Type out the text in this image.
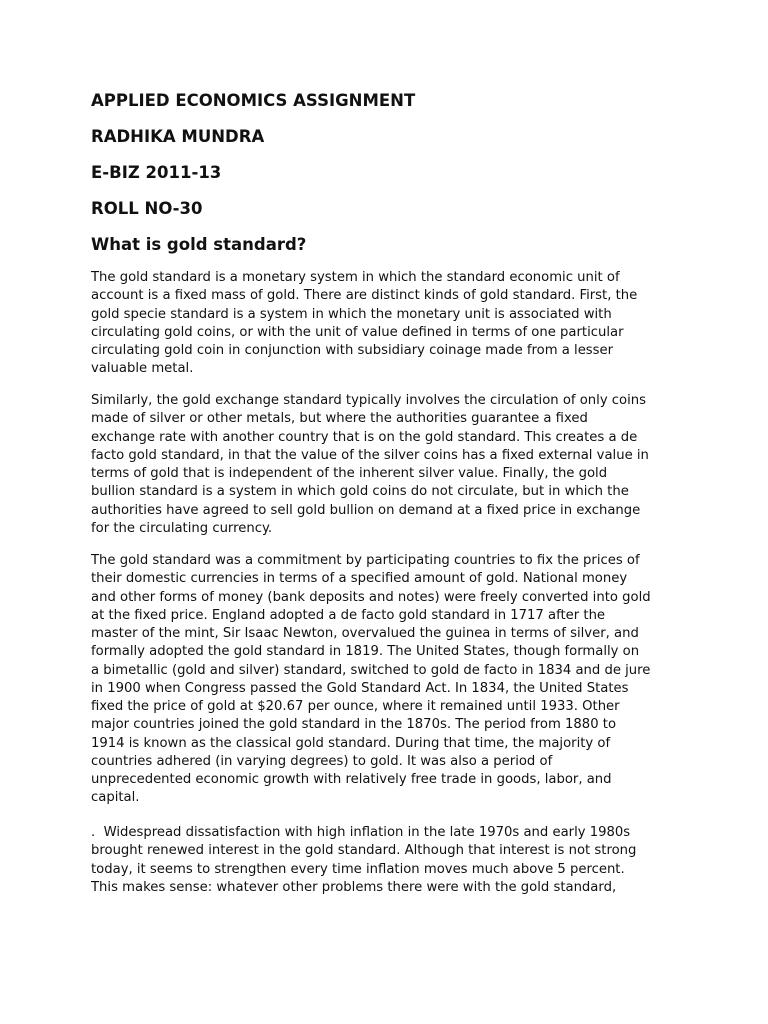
APPLIED ECONOMICS ASSIGNMENT
RADHIKA MUNDRA
E-BIZ 2011-13
ROLL NO-30
What is gold standard?
The gold standard is a monetary system in which the standard economic unit of
account is a fixed mass of gold. There are distinct kinds of gold standard. First, the
gold specie standard is a system in which the monetary unit is associated with
circulating gold coins, or with the unit of value defined in terms of one particular
circulating gold coin in conjunction with subsidiary coinage made from a lesser
valuable metal.
Similarly, the gold exchange standard typically involves the circulation of only coins
made of silver or other metals, but where the authorities guarantee a fixed
exchange rate with another country that is on the gold standard. This creates a de
facto gold standard, in that the value of the silver coins has a fixed external value in
terms of gold that is independent of the inherent silver value. Finally, the gold
bullion standard is a system in which gold coins do not circulate, but in which the
authorities have agreed to sell gold bullion on demand at a fixed price in exchange
for the circulating currency.
The gold standard was a commitment by participating countries to fix the prices of
their domestic currencies in terms of a specified amount of gold. National money
and other forms of money (bank deposits and notes) were freely converted into gold
at the fixed price. England adopted a de facto gold standard in 1717 after the
master of the mint, Sir Isaac Newton, overvalued the guinea in terms of silver, and
formally adopted the gold standard in 1819. The United States, though formally on
a bimetallic (gold and silver) standard, switched to gold de facto in 1834 and de jure
in 1900 when Congress passed the Gold Standard Act. In 1834, the United States
fixed the price of gold at $20.67 per ounce, where it remained until 1933. Other
major countries joined the gold standard in the 1870s. The period from 1880 to
1914 is known as the classical gold standard. During that time, the majority of
countries adhered (in varying degrees) to gold. It was also a period of
unprecedented economic growth with relatively free trade in goods, labor, and
capital.
.  Widespread dissatisfaction with high inflation in the late 1970s and early 1980s
brought renewed interest in the gold standard. Although that interest is not strong
today, it seems to strengthen every time inflation moves much above 5 percent.
This makes sense: whatever other problems there were with the gold standard,
